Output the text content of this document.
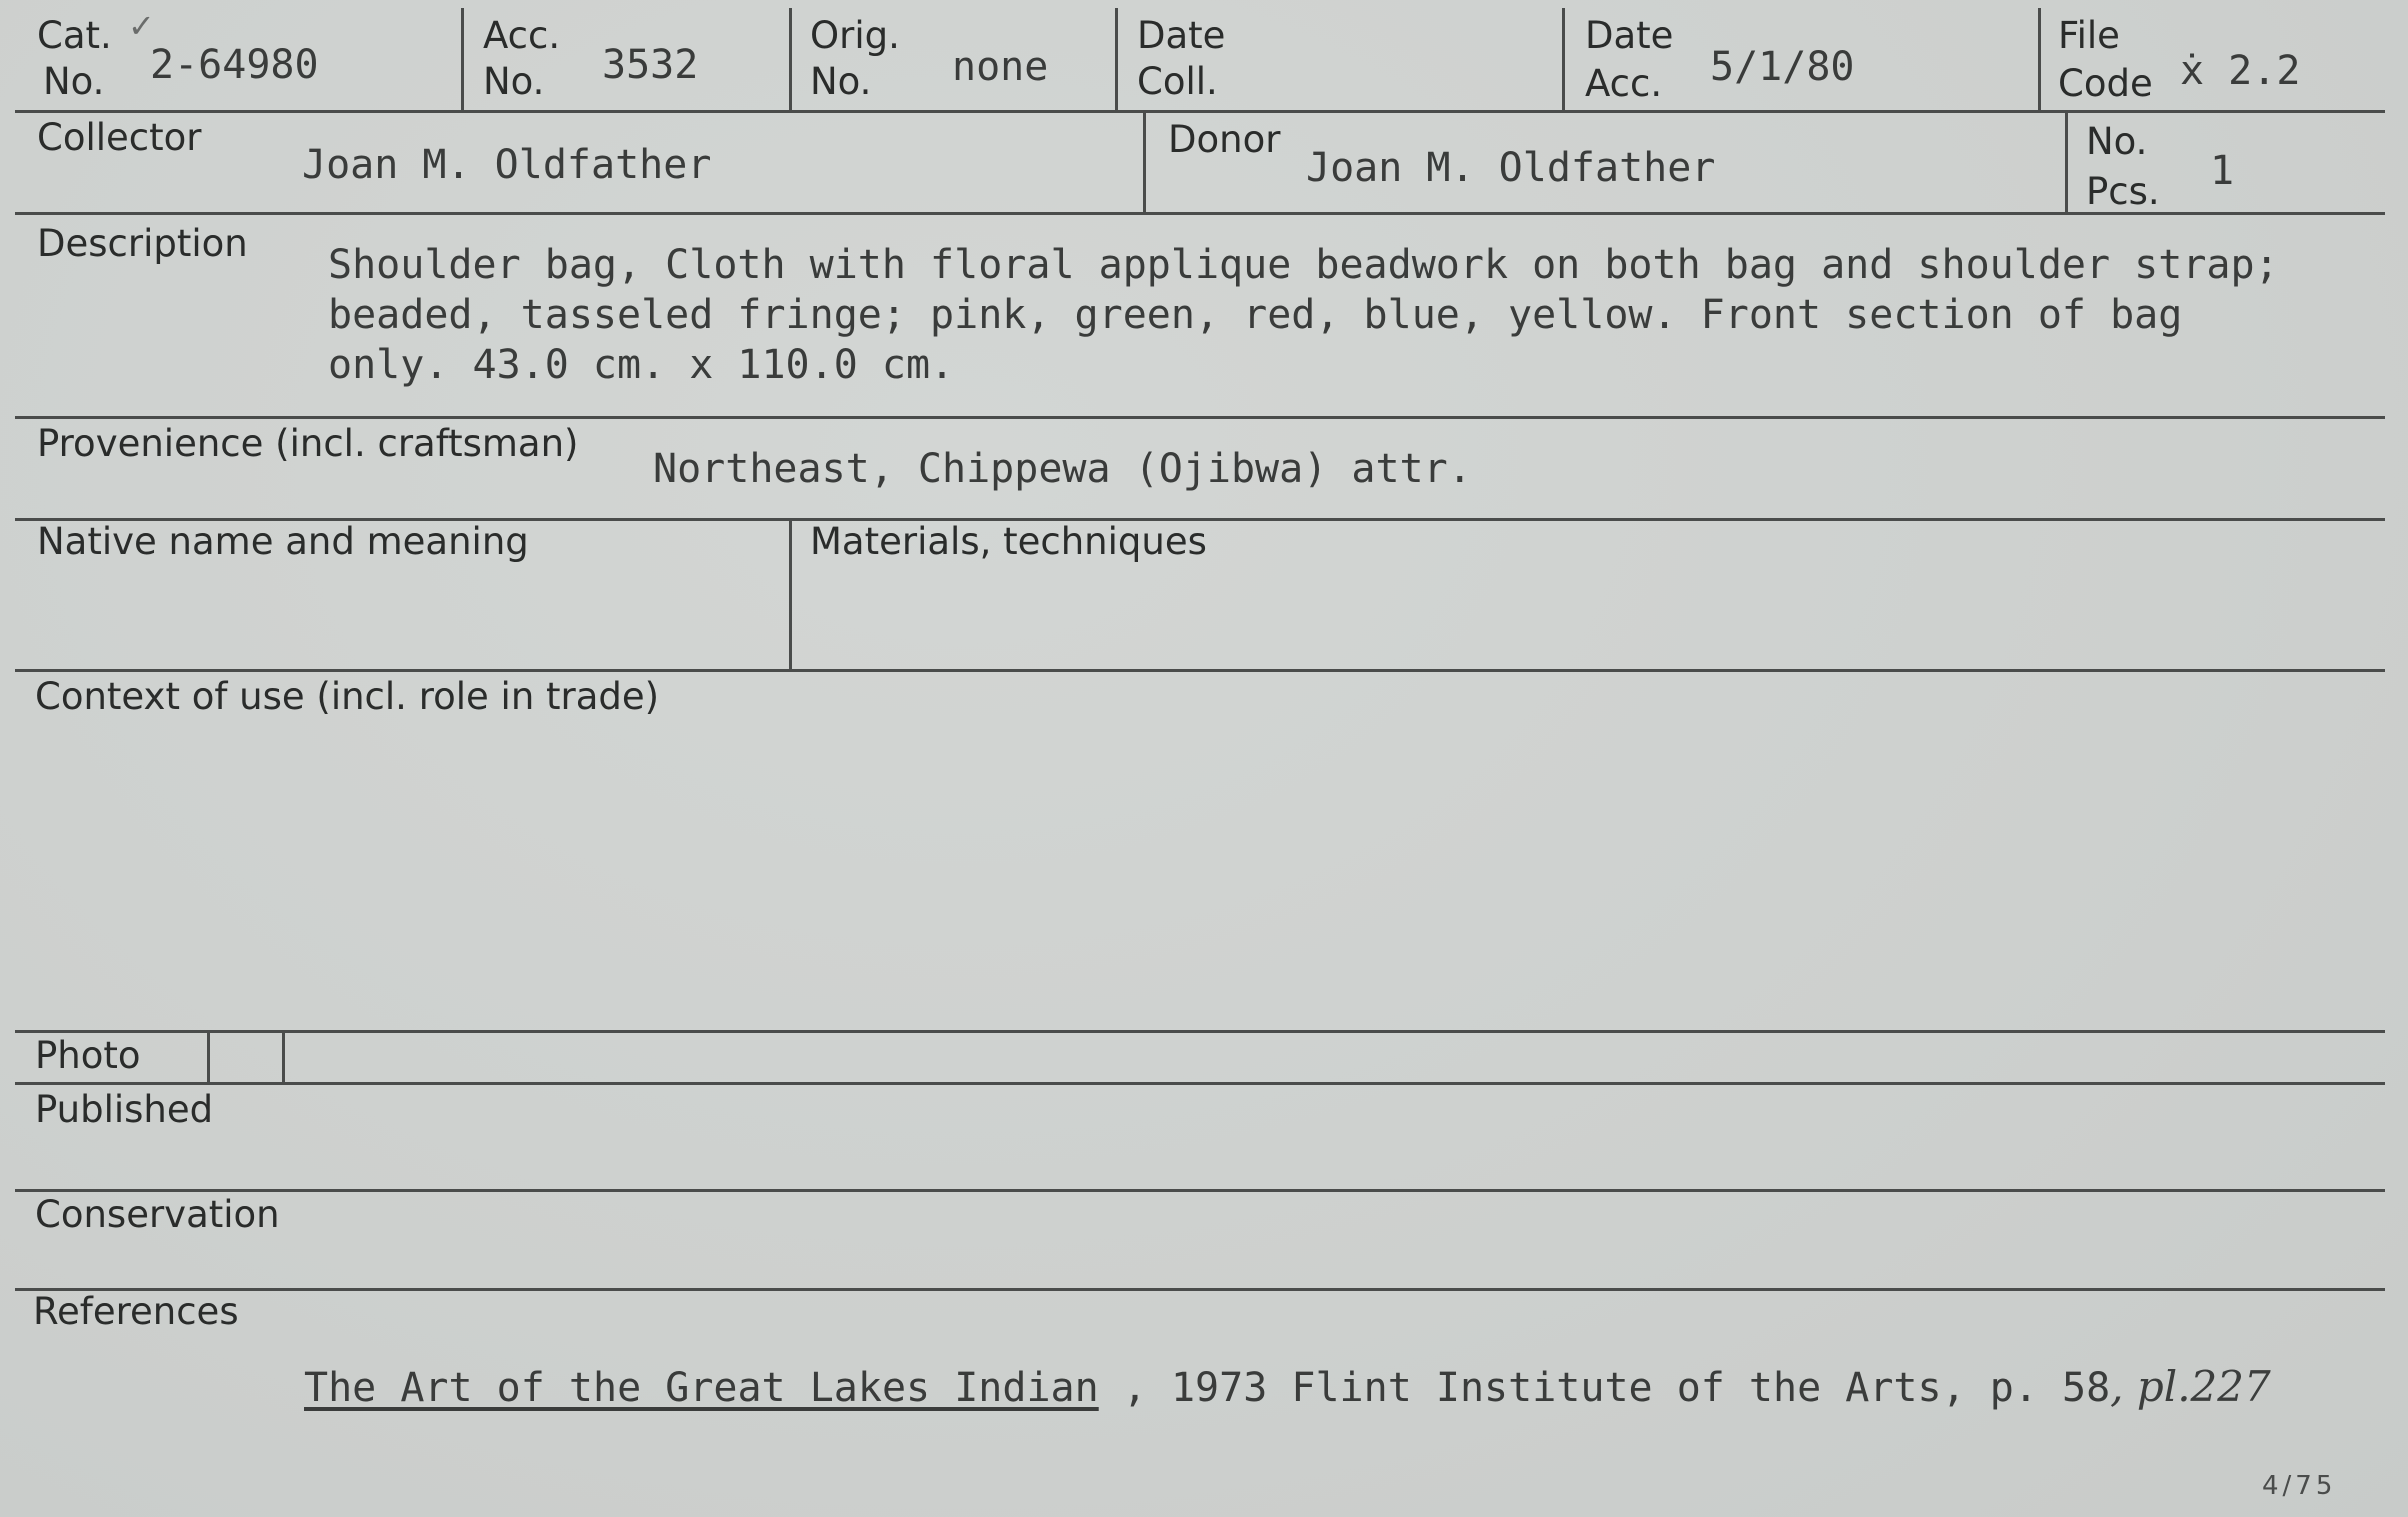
Cat. ✓
No. 2-64980
Acc.
No. 3532
Orig.
No. none
Date
Coll.
Date
Acc. 5/1/80
File
Code ẋ 2.2
Collector
Joan M. Oldfather
Donor
Joan M. Oldfather
No.
Pcs. 1
Description Shoulder bag, Cloth with floral applique beadwork on both bag and shoulder strap;
beaded, tasseled fringe; pink, green, red, blue, yellow. Front section of bag
only. 43.0 cm. x 110.0 cm.
Provenience (incl. craftsman)
Northeast, Chippewa (Ojibwa) attr.
Native name and meaning	Materials, techniques
Context of use (incl. role in trade)
Photo
Published
Conservation
References
The Art of the Great Lakes Indian , 1973 Flint Institute of the Arts, p. 58, pl.227
4/75
